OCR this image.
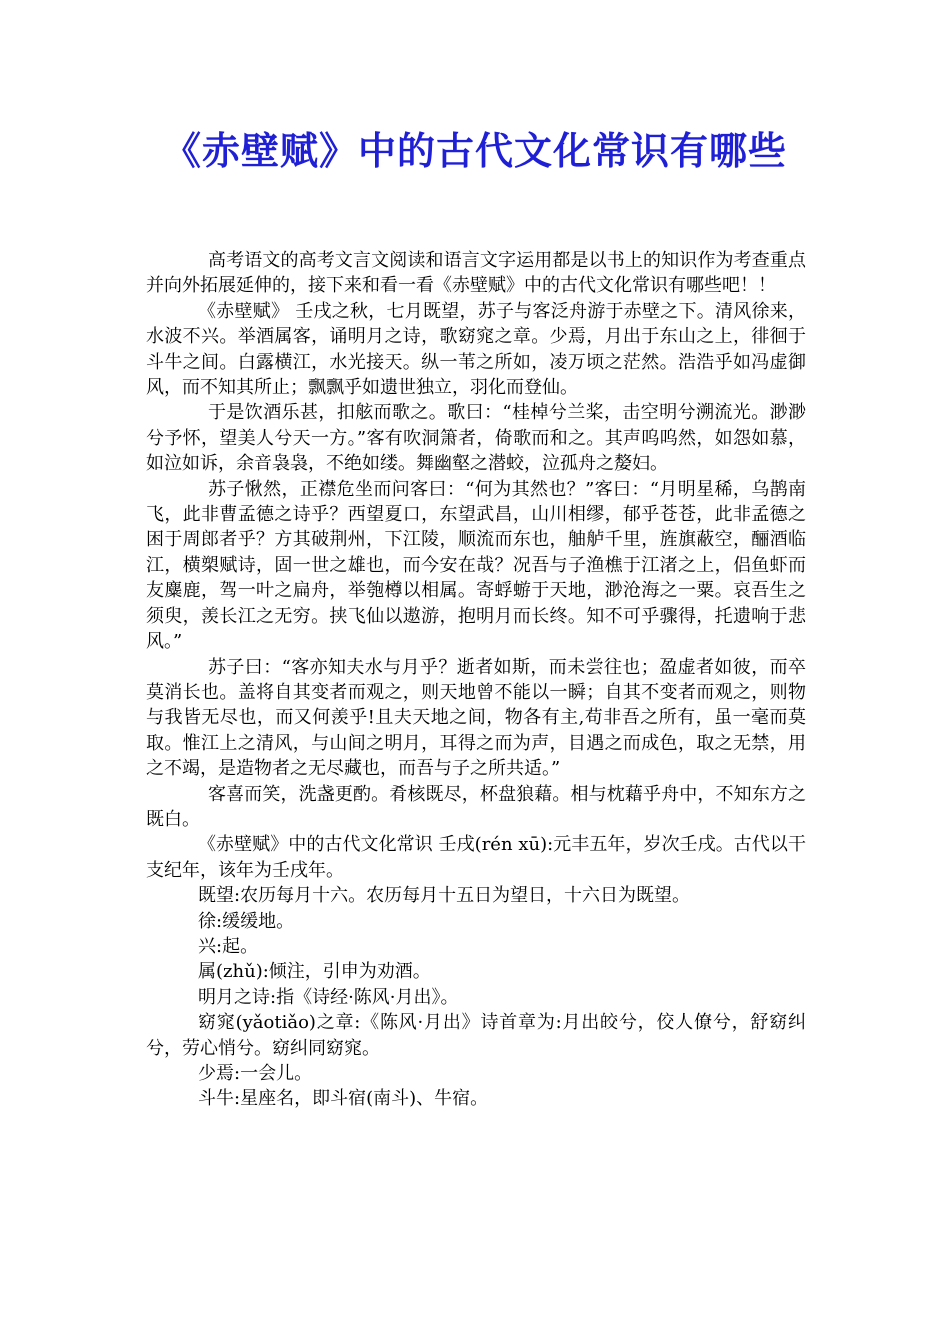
《赤壁赋》中的古代文化常识有哪些

高考语文的高考文言文阅读和语言文字运用都是以书上的知识作为考查重点并向外拓展延伸的，接下来和看一看《赤壁赋》中的古代文化常识有哪些吧！！

《赤壁赋》 壬戌之秋，七月既望，苏子与客泛舟游于赤壁之下。清风徐来，水波不兴。举酒属客，诵明月之诗，歌窈窕之章。少焉，月出于东山之上，徘徊于斗牛之间。白露横江，水光接天。纵一苇之所如，凌万顷之茫然。浩浩乎如冯虚御风，而不知其所止；飘飘乎如遗世独立，羽化而登仙。

于是饮酒乐甚，扣舷而歌之。歌曰：“桂棹兮兰桨，击空明兮溯流光。渺渺兮予怀，望美人兮天一方。”客有吹洞箫者，倚歌而和之。其声呜呜然，如怨如慕，如泣如诉，余音袅袅，不绝如缕。舞幽壑之潜蛟，泣孤舟之嫠妇。

苏子愀然，正襟危坐而问客曰：“何为其然也？”客曰：“月明星稀，乌鹊南飞，此非曹孟德之诗乎？西望夏口，东望武昌，山川相缪，郁乎苍苍，此非孟德之困于周郎者乎？方其破荆州，下江陵，顺流而东也，舳舻千里，旌旗蔽空，酾酒临江，横槊赋诗，固一世之雄也，而今安在哉？况吾与子渔樵于江渚之上，侣鱼虾而友麋鹿，驾一叶之扁舟，举匏樽以相属。寄蜉蝣于天地，渺沧海之一粟。哀吾生之须臾，羡长江之无穷。挟飞仙以遨游，抱明月而长终。知不可乎骤得，托遗响于悲风。”

苏子曰：“客亦知夫水与月乎？逝者如斯，而未尝往也；盈虚者如彼，而卒莫消长也。盖将自其变者而观之，则天地曾不能以一瞬；自其不变者而观之，则物与我皆无尽也，而又何羡乎!且夫天地之间，物各有主,苟非吾之所有，虽一毫而莫取。惟江上之清风，与山间之明月，耳得之而为声，目遇之而成色，取之无禁，用之不竭，是造物者之无尽藏也，而吾与子之所共适。”

客喜而笑，洗盏更酌。肴核既尽，杯盘狼藉。相与枕藉乎舟中，不知东方之既白。

《赤壁赋》中的古代文化常识 壬戌(rén xū):元丰五年，岁次壬戌。古代以干支纪年，该年为壬戌年。

既望:农历每月十六。农历每月十五日为望日，十六日为既望。

徐:缓缓地。

兴:起。

属(zhǔ):倾注，引申为劝酒。

明月之诗:指《诗经·陈风·月出》。

窈窕(yǎotiǎo)之章:《陈风·月出》诗首章为:月出皎兮，佼人僚兮，舒窈纠兮，劳心悄兮。窈纠同窈窕。

少焉:一会儿。

斗牛:星座名，即斗宿(南斗)、牛宿。
